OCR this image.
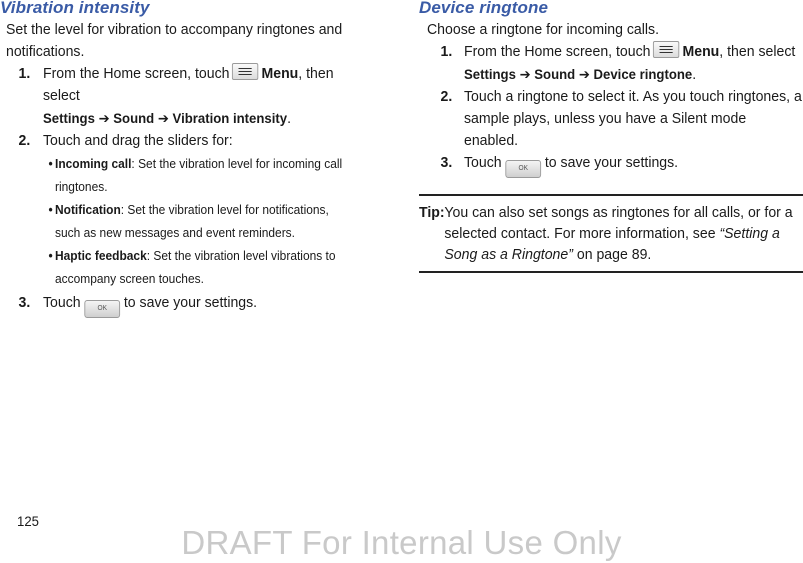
Vibration intensity
Set the level for vibration to accompany ringtones and notifications.
1. From the Home screen, touch Menu, then select
Settings ➔ Sound ➔ Vibration intensity.
2. Touch and drag the sliders for:
• Incoming call: Set the vibration level for incoming call ringtones.
• Notification: Set the vibration level for notifications, such as new messages and event reminders.
• Haptic feedback: Set the vibration level vibrations to accompany screen touches.
3. Touch OK to save your settings.
Device ringtone
Choose a ringtone for incoming calls.
1. From the Home screen, touch Menu, then select
Settings ➔ Sound ➔ Device ringtone.
2. Touch a ringtone to select it. As you touch ringtones, a sample plays, unless you have a Silent mode enabled.
3. Touch OK to save your settings.
Tip: You can also set songs as ringtones for all calls, or for a selected contact. For more information, see “Setting a Song as a Ringtone” on page 89.
125
DRAFT For Internal Use Only
